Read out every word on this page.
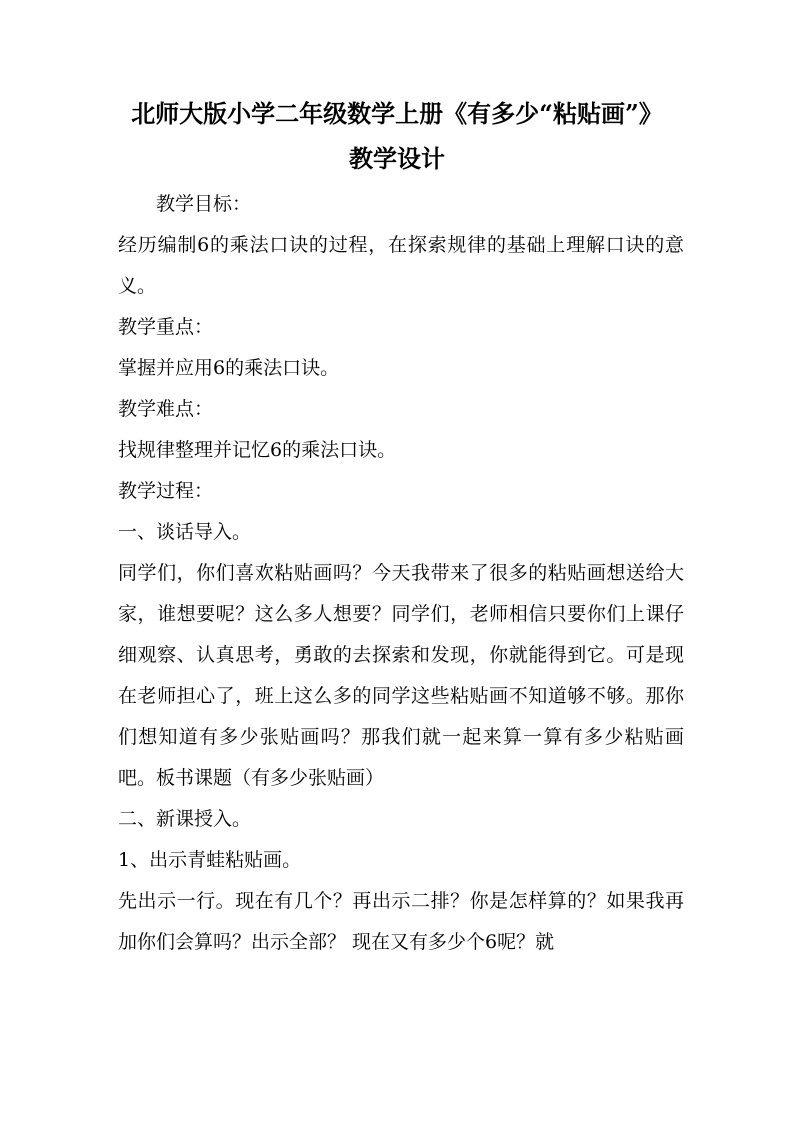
北师大版小学二年级数学上册《有多少“粘贴画”》
教学设计

教学目标：

经历编制6的乘法口诀的过程，在探索规律的基础上理解口诀的意义。

教学重点：

掌握并应用6的乘法口诀。

教学难点：

找规律整理并记忆6的乘法口诀。

教学过程：

一、谈话导入。

同学们，你们喜欢粘贴画吗？今天我带来了很多的粘贴画想送给大家，谁想要呢？这么多人想要？同学们，老师相信只要你们上课仔细观察、认真思考，勇敢的去探索和发现，你就能得到它。可是现在老师担心了，班上这么多的同学这些粘贴画不知道够不够。那你们想知道有多少张贴画吗？那我们就一起来算一算有多少粘贴画吧。板书课题（有多少张贴画）

二、新课授入。

1、出示青蛙粘贴画。

先出示一行。现在有几个？再出示二排？你是怎样算的？如果我再加你们会算吗？出示全部？ 现在又有多少个6呢？就
